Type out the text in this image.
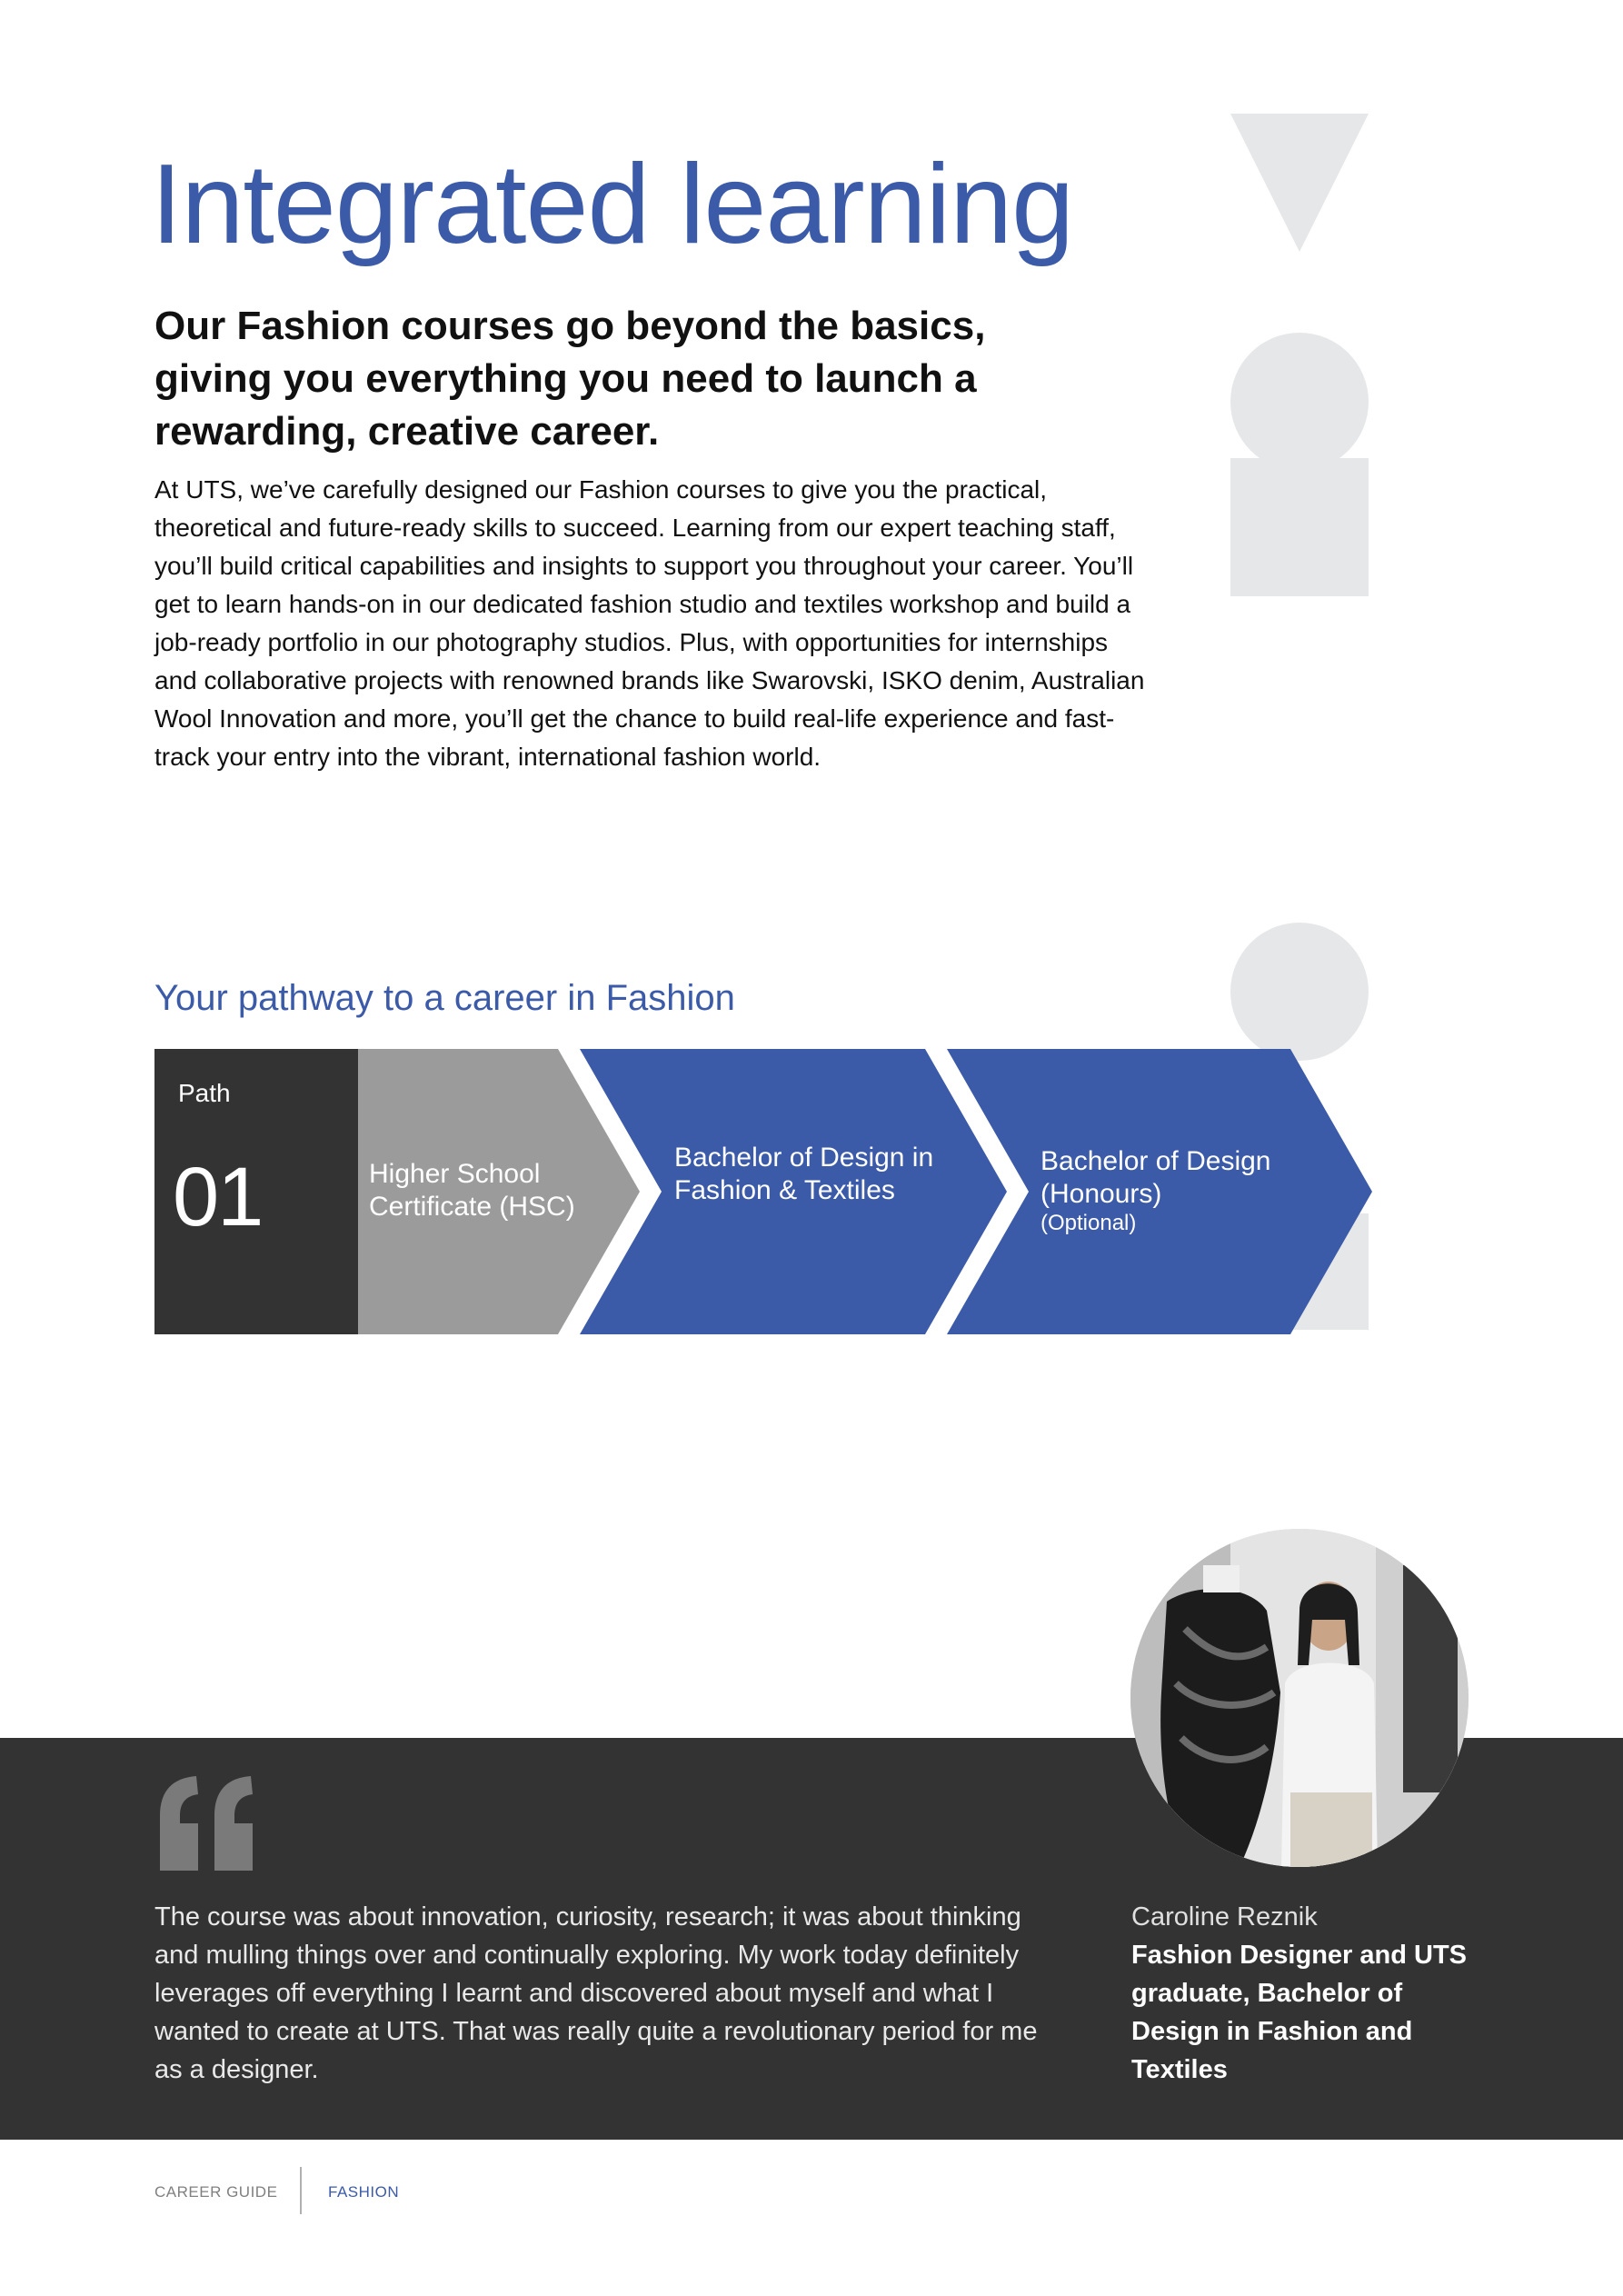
Integrated learning

Our Fashion courses go beyond the basics, giving you everything you need to launch a rewarding, creative career.

At UTS, we’ve carefully designed our Fashion courses to give you the practical, theoretical and future-ready skills to succeed. Learning from our expert teaching staff, you’ll build critical capabilities and insights to support you throughout your career. You’ll get to learn hands-on in our dedicated fashion studio and textiles workshop and build a job-ready portfolio in our photography studios. Plus, with opportunities for internships and collaborative projects with renowned brands like Swarovski, ISKO denim, Australian Wool Innovation and more, you’ll get the chance to build real-life experience and fast-track your entry into the vibrant, international fashion world.

Your pathway to a career in Fashion
Path
01	Higher School Certificate (HSC)
Bachelor of Design in Fashion & Textiles
Bachelor of Design (Honours)
(Optional)

The course was about innovation, curiosity, research; it was about thinking and mulling things over and continually exploring. My work today definitely leverages off everything I learnt and discovered about myself and what I wanted to create at UTS. That was really quite a revolutionary period for me as a designer.

Caroline Reznik
Fashion Designer and UTS graduate, Bachelor of Design in Fashion and Textiles
CAREER GUIDE	FASHION
